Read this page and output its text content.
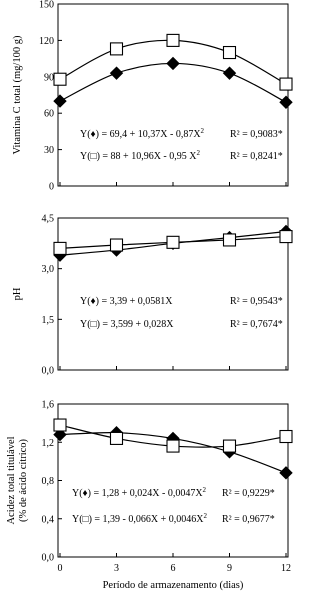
0
30
60
90
120
150
Vitamina C total (mg/100 g)	Y(♦) = $69,4 + 10,37X - 0,87X^2$	R² = 0,9083*
Y(□) = 88 + 10,96X - 0,95 $X^2$	R² = 0,8241*
0,0
1,5
3,0
4,5
pH
Y(♦) = 3,39 + 0,0581X	R² = 0,9543*
Y(□) = 3,599 + 0,028X	R² = 0,7674*
0,0
0,4
0,8
1,2
1,6
0	3	6	9	12
Período de armazenamento (dias)
Acidez total titulável(% de ácido cítrico)	Y(♦) = $1,28 + 0,024X - 0,0047X^2$ R² = 0,9229*
Y(□) = $1,39 - 0,066X + 0,0046X^2$ R² = 0,9677*
